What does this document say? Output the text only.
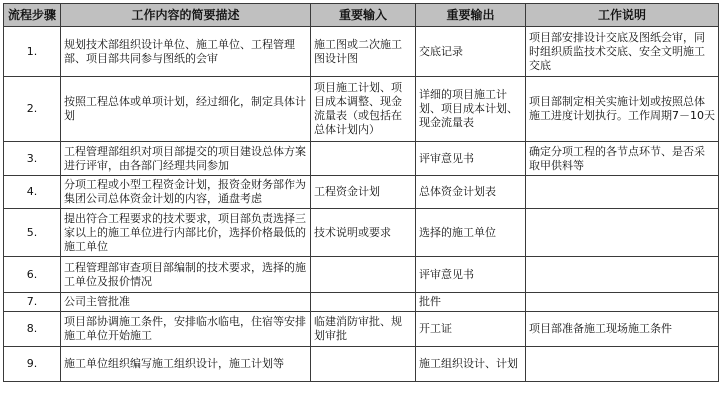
流程步骤	工作内容的简要描述	重要输入	重要输出	工作说明
1.	规划技术部组织设计单位、施工单位、工程管理部、项目部共同参与图纸的会审	施工图或二次施工图设计图	交底记录	项目部安排设计交底及图纸会审，同时组织质监技术交底、安全文明施工交底
2.	按照工程总体或单项计划，经过细化，制定具体计划	项目施工计划、项目成本调整、现金流量表（或包括在总体计划内）	详细的项目施工计划、项目成本计划、现金流量表	项目部制定相关实施计划或按照总体施工进度计划执行。工作周期7－10天
3.	工程管理部组织对项目部提交的项目建设总体方案进行评审，由各部门经理共同参加		评审意见书	确定分项工程的各节点环节、是否采取甲供料等
4.	分项工程或小型工程资金计划，报资金财务部作为集团公司总体资金计划的内容，通盘考虑	工程资金计划	总体资金计划表	
5.	提出符合工程要求的技术要求，项目部负责选择三家以上的施工单位进行内部比价，选择价格最低的施工单位	技术说明或要求	选择的施工单位	
6.	工程管理部审查项目部编制的技术要求，选择的施工单位及报价情况		评审意见书	
7.	公司主管批准		批件	
8.	项目部协调施工条件，安排临水临电，住宿等安排施工单位开始施工	临建消防审批、规划审批	开工证	项目部准备施工现场施工条件
9.	施工单位组织编写施工组织设计，施工计划等		施工组织设计、计划	
